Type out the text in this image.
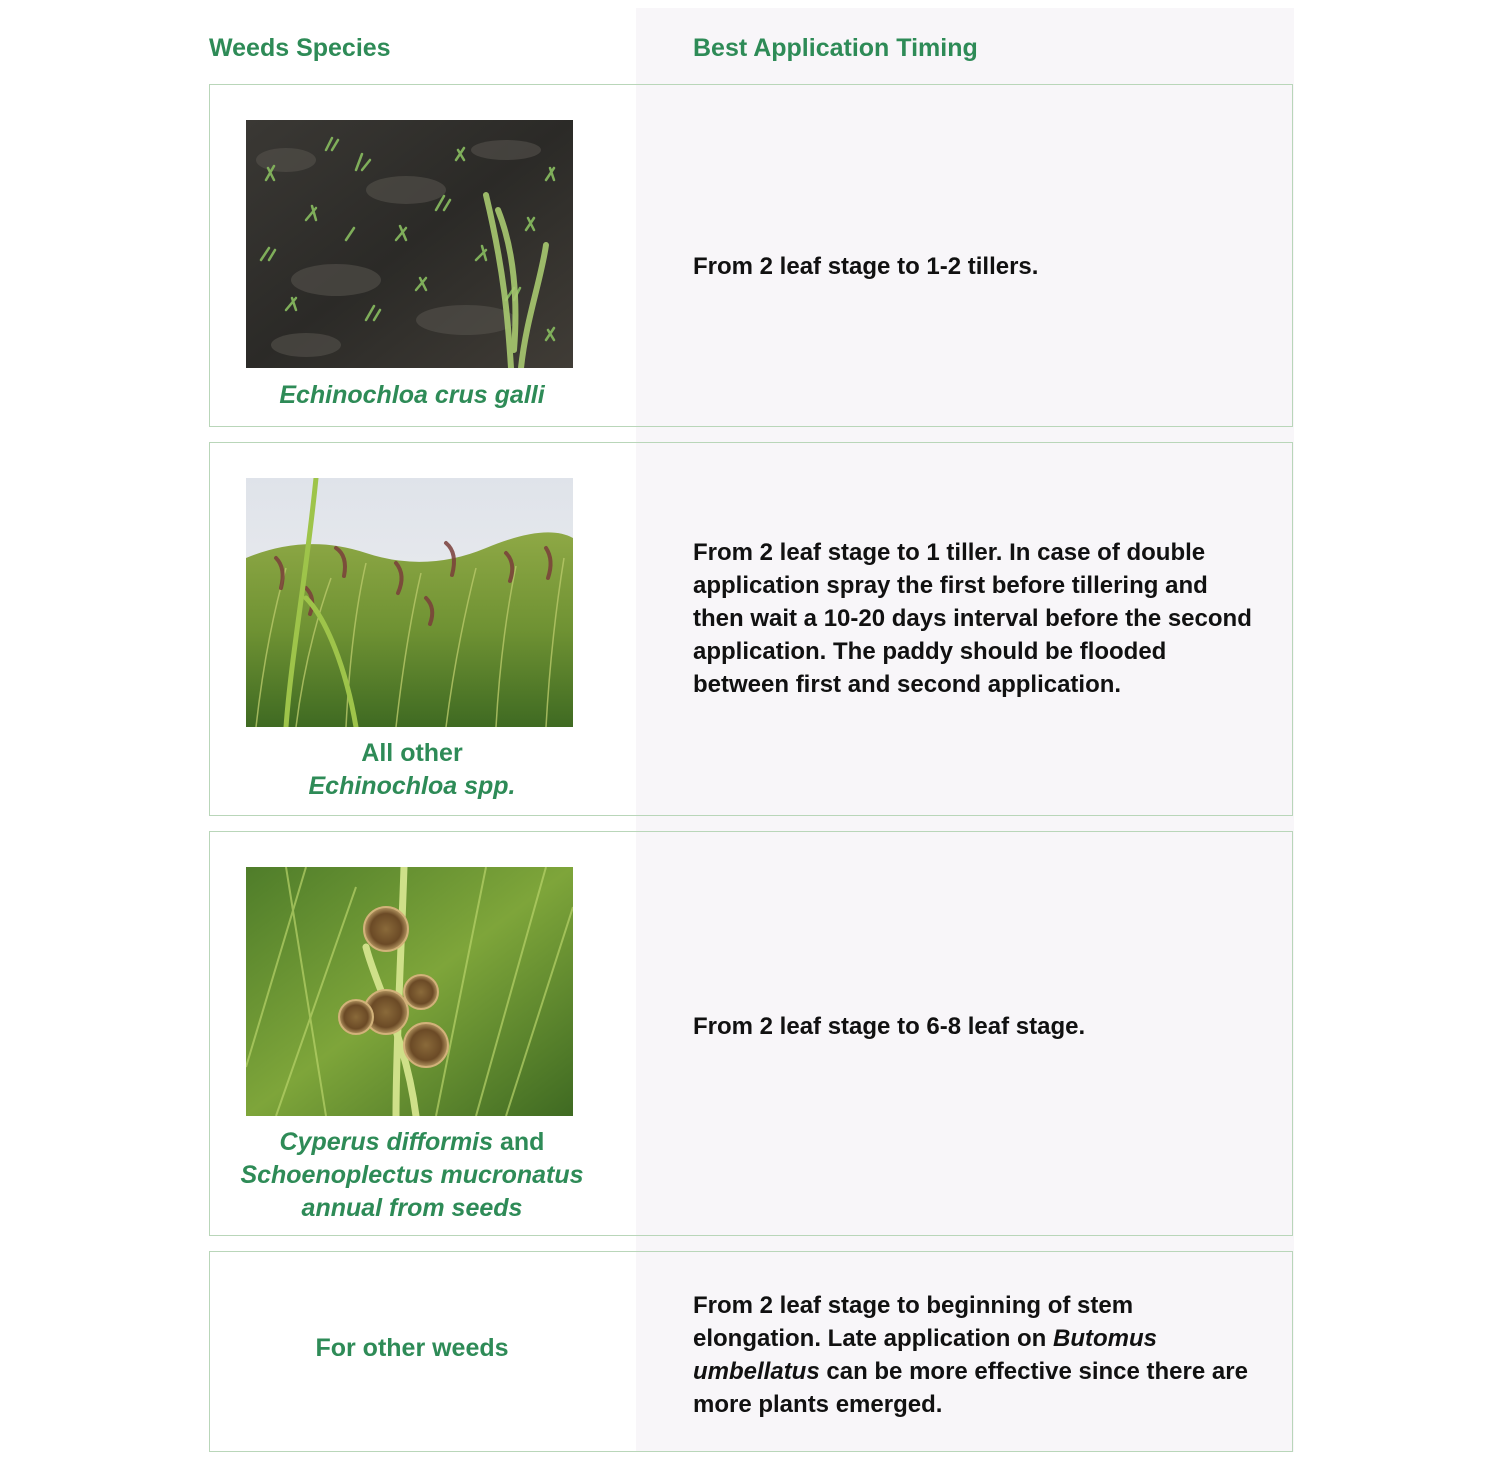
Weeds Species	Best Application Timing
Echinochloa crus galli
From 2 leaf stage to 1-2 tillers.
All other
Echinochloa spp.
From 2 leaf stage to 1 tiller. In case of double application spray the first before tillering and then wait a 10-20 days interval before the second application. The paddy should be flooded between first and second application.
Cyperus difformis and
Schoenoplectus mucronatus
annual from seeds
From 2 leaf stage to 6-8 leaf stage.
For other weeds
From 2 leaf stage to beginning of stem elongation. Late application on Butomus umbellatus can be more effective since there are more plants emerged.
